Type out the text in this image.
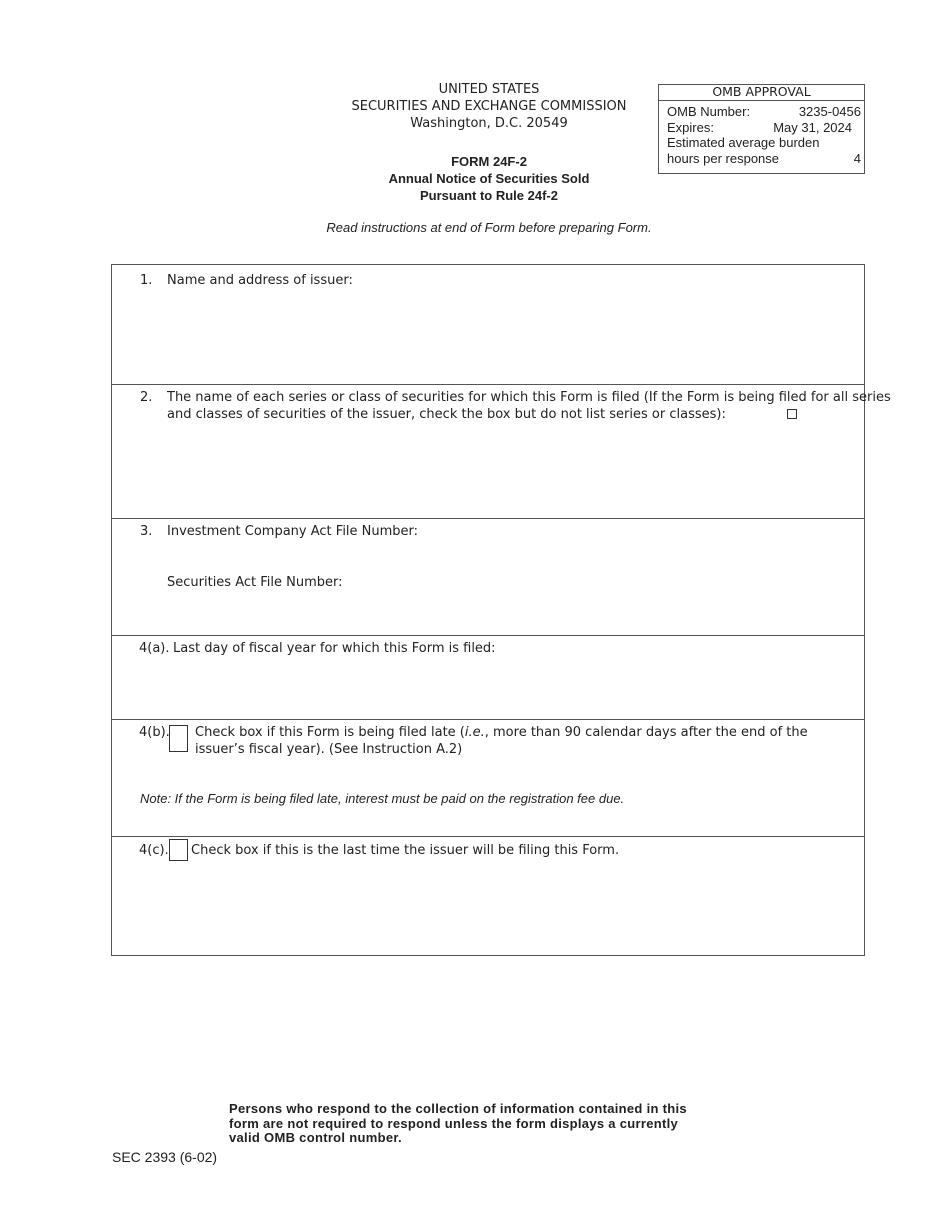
UNITED STATES
SECURITIES AND EXCHANGE COMMISSION
Washington, D.C. 20549
OMB APPROVAL
OMB Number:	3235-0456
Expires:	May 31, 2024
Estimated average burden
hours per response	4
FORM 24F-2
Annual Notice of Securities Sold
Pursuant to Rule 24f-2
Read instructions at end of Form before preparing Form.
1. Name and address of issuer:
2. The name of each series or class of securities for which this Form is filed (If the Form is being filed for all series
and classes of securities of the issuer, check the box but do not list series or classes):
3. Investment Company Act File Number:
Securities Act File Number:
4(a). Last day of fiscal year for which this Form is filed:
4(b). Check box if this Form is being filed late (i.e., more than 90 calendar days after the end of the
issuer’s fiscal year). (See Instruction A.2)
Note: If the Form is being filed late, interest must be paid on the registration fee due.
4(c). Check box if this is the last time the issuer will be filing this Form.
Persons who respond to the collection of information contained in this
form are not required to respond unless the form displays a currently
valid OMB control number.
SEC 2393 (6-02)
